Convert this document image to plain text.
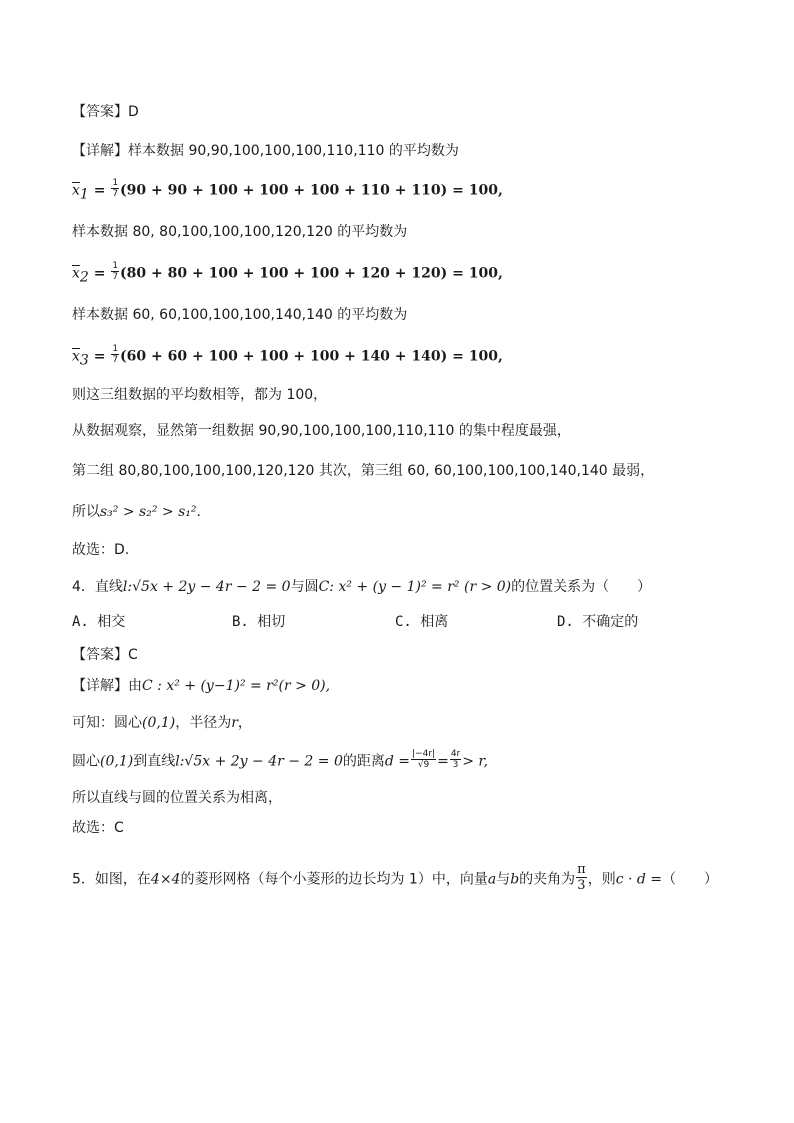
【答案】D
【详解】样本数据 90,90,100,100,100,110,110 的平均数为
$\overline{x}_1 = \frac{1}{7} (90 + 90 + 100 + 100 + 100 + 110 + 110) = 100$,
样本数据 80, 80,100,100,100,120,120 的平均数为
$\overline{x}_2 = \frac{1}{7} (80 + 80 + 100 + 100 + 100 + 120 + 120) = 100$,
样本数据 60, 60,100,100,100,140,140 的平均数为
$\overline{x}_3 = \frac{1}{7} (60 + 60 + 100 + 100 + 100 + 140 + 140) = 100$,
则这三组数据的平均数相等，都为 100，
从数据观察，显然第一组数据 90,90,100,100,100,110,110 的集中程度最强，
第二组 80,80,100,100,100,120,120 其次，第三组 60, 60,100,100,100,140,140 最弱，
所以s₃² > s₂² > s₁².
故选：D.
4．直线l:√5x + 2y − 4r − 2 = 0与圆C: x² + (y − 1)² = r² (r > 0)的位置关系为（　　）
A. 相交	B. 相切	C. 相离	D. 不确定的
【答案】C
【详解】由C : x² + (y−1)² = r²(r > 0),
可知：圆心(0,1)，半径为r，
圆心(0,1)到直线l:√5x + 2y − 4r − 2 = 0的距离$d = \frac{|-4r|}{√9} = \frac{4r}{3} > r$,
所以直线与圆的位置关系为相离，
故选：C
5．如图，在4×4的菱形网格（每个小菱形的边长均为 1）中，向量a与b的夹角为 $\frac{\pi}{3}$ ，则c · d =（　　）
